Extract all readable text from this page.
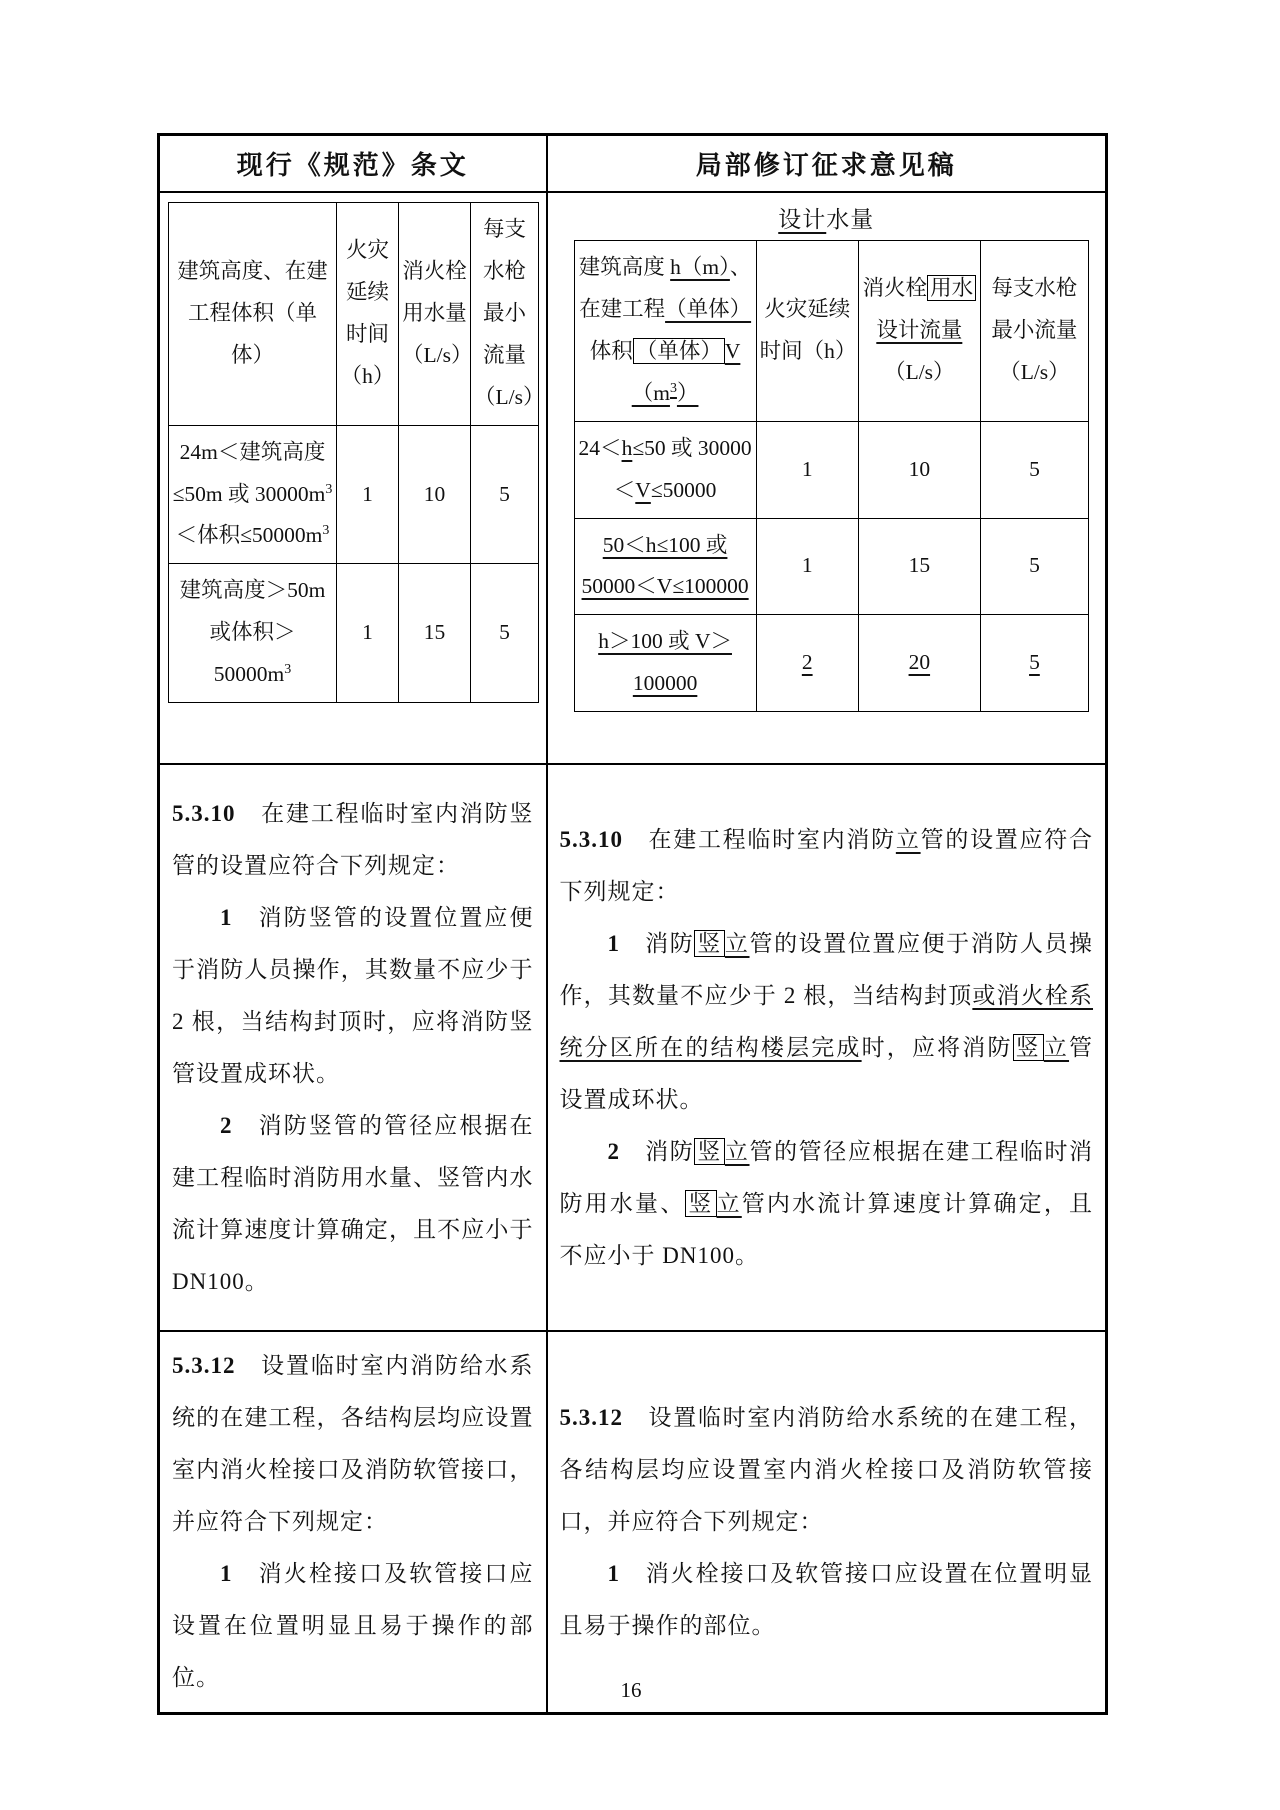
现行《规范》条文	局部修订征求意见稿

建筑高度、在建工程体积（单体）	火灾延续时间（h）	消火栓用水量（L/s）	每支水枪最小流量（L/s）
24m＜建筑高度≤50m 或 $30000m^3<$体积$\le 50000m^3$	1	10	5
建筑高度＞50m 或体积$>50000m^3$	1	15	5

设计水量
建筑高度 h（m）、在建工程（单体）体积 （单体） $V(m^3)$	火灾延续时间（h）	消火栓 用水设计流量（L/s）	每支水枪最小流量（L/s）
24＜h≤50 或 30000＜V≤50000	1	10	5
50＜h≤100 或 50000＜V≤100000	1	15	5
h＞100 或 V＞100000	2	20	5

5.3.10　在建工程临时室内消防竖管的设置应符合下列规定：
1　消防竖管的设置位置应便于消防人员操作，其数量不应少于 2 根，当结构封顶时，应将消防竖管设置成环状。
2　消防竖管的管径应根据在建工程临时消防用水量、竖管内水流计算速度计算确定，且不应小于 DN100。

5.3.10　在建工程临时室内消防立管的设置应符合下列规定：
1　消防 竖 立管的设置位置应便于消防人员操作，其数量不应少于 2 根，当结构封顶或消火栓系统分区所在的结构楼层完成时，应将消防 竖 立管设置成环状。
2　消防 竖 立管的管径应根据在建工程临时消防用水量、 竖 立管内水流计算速度计算确定，且不应小于 DN100。

5.3.12　设置临时室内消防给水系统的在建工程，各结构层均应设置室内消火栓接口及消防软管接口，并应符合下列规定：
1　消火栓接口及软管接口应设置在位置明显且易于操作的部位。

5.3.12　设置临时室内消防给水系统的在建工程，各结构层均应设置室内消火栓接口及消防软管接口，并应符合下列规定：
1　消火栓接口及软管接口应设置在位置明显且易于操作的部位。
16
